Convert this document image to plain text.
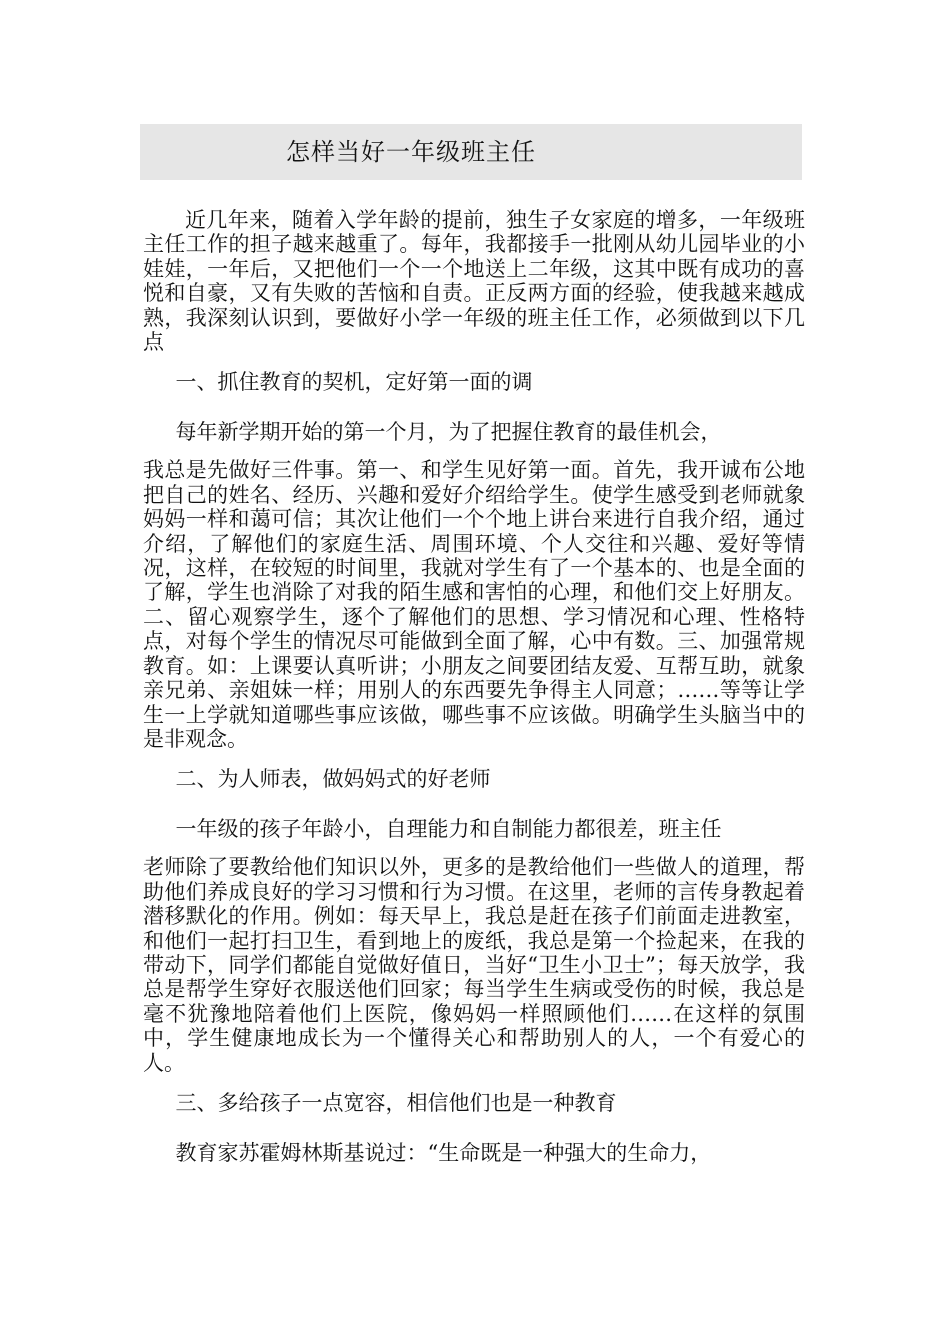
怎样当好一年级班主任

近几年来，随着入学年龄的提前，独生子女家庭的增多，一年级班主任工作的担子越来越重了。每年，我都接手一批刚从幼儿园毕业的小娃娃，一年后，又把他们一个一个地送上二年级，这其中既有成功的喜悦和自豪，又有失败的苦恼和自责。正反两方面的经验，使我越来越成熟，我深刻认识到，要做好小学一年级的班主任工作，必须做到以下几点

一、抓住教育的契机，定好第一面的调

每年新学期开始的第一个月，为了把握住教育的最佳机会，

我总是先做好三件事。第一、和学生见好第一面。首先，我开诚布公地把自己的姓名、经历、兴趣和爱好介绍给学生。使学生感受到老师就象妈妈一样和蔼可信；其次让他们一个个地上讲台来进行自我介绍，通过介绍，了解他们的家庭生活、周围环境、个人交往和兴趣、爱好等情况，这样，在较短的时间里，我就对学生有了一个基本的、也是全面的了解，学生也消除了对我的陌生感和害怕的心理，和他们交上好朋友。二、留心观察学生，逐个了解他们的思想、学习情况和心理、性格特点，对每个学生的情况尽可能做到全面了解，心中有数。三、加强常规教育。如：上课要认真听讲；小朋友之间要团结友爱、互帮互助，就象亲兄弟、亲姐妹一样；用别人的东西要先争得主人同意；……等等让学生一上学就知道哪些事应该做，哪些事不应该做。明确学生头脑当中的是非观念。

二、为人师表，做妈妈式的好老师

一年级的孩子年龄小，自理能力和自制能力都很差，班主任

老师除了要教给他们知识以外，更多的是教给他们一些做人的道理，帮助他们养成良好的学习习惯和行为习惯。在这里，老师的言传身教起着潜移默化的作用。例如：每天早上，我总是赶在孩子们前面走进教室，和他们一起打扫卫生，看到地上的废纸，我总是第一个捡起来，在我的带动下，同学们都能自觉做好值日，当好“卫生小卫士”；每天放学，我总是帮学生穿好衣服送他们回家；每当学生生病或受伤的时候，我总是毫不犹豫地陪着他们上医院，像妈妈一样照顾他们……在这样的氛围中，学生健康地成长为一个懂得关心和帮助别人的人，一个有爱心的人。

三、多给孩子一点宽容，相信他们也是一种教育

教育家苏霍姆林斯基说过：“生命既是一种强大的生命力，
